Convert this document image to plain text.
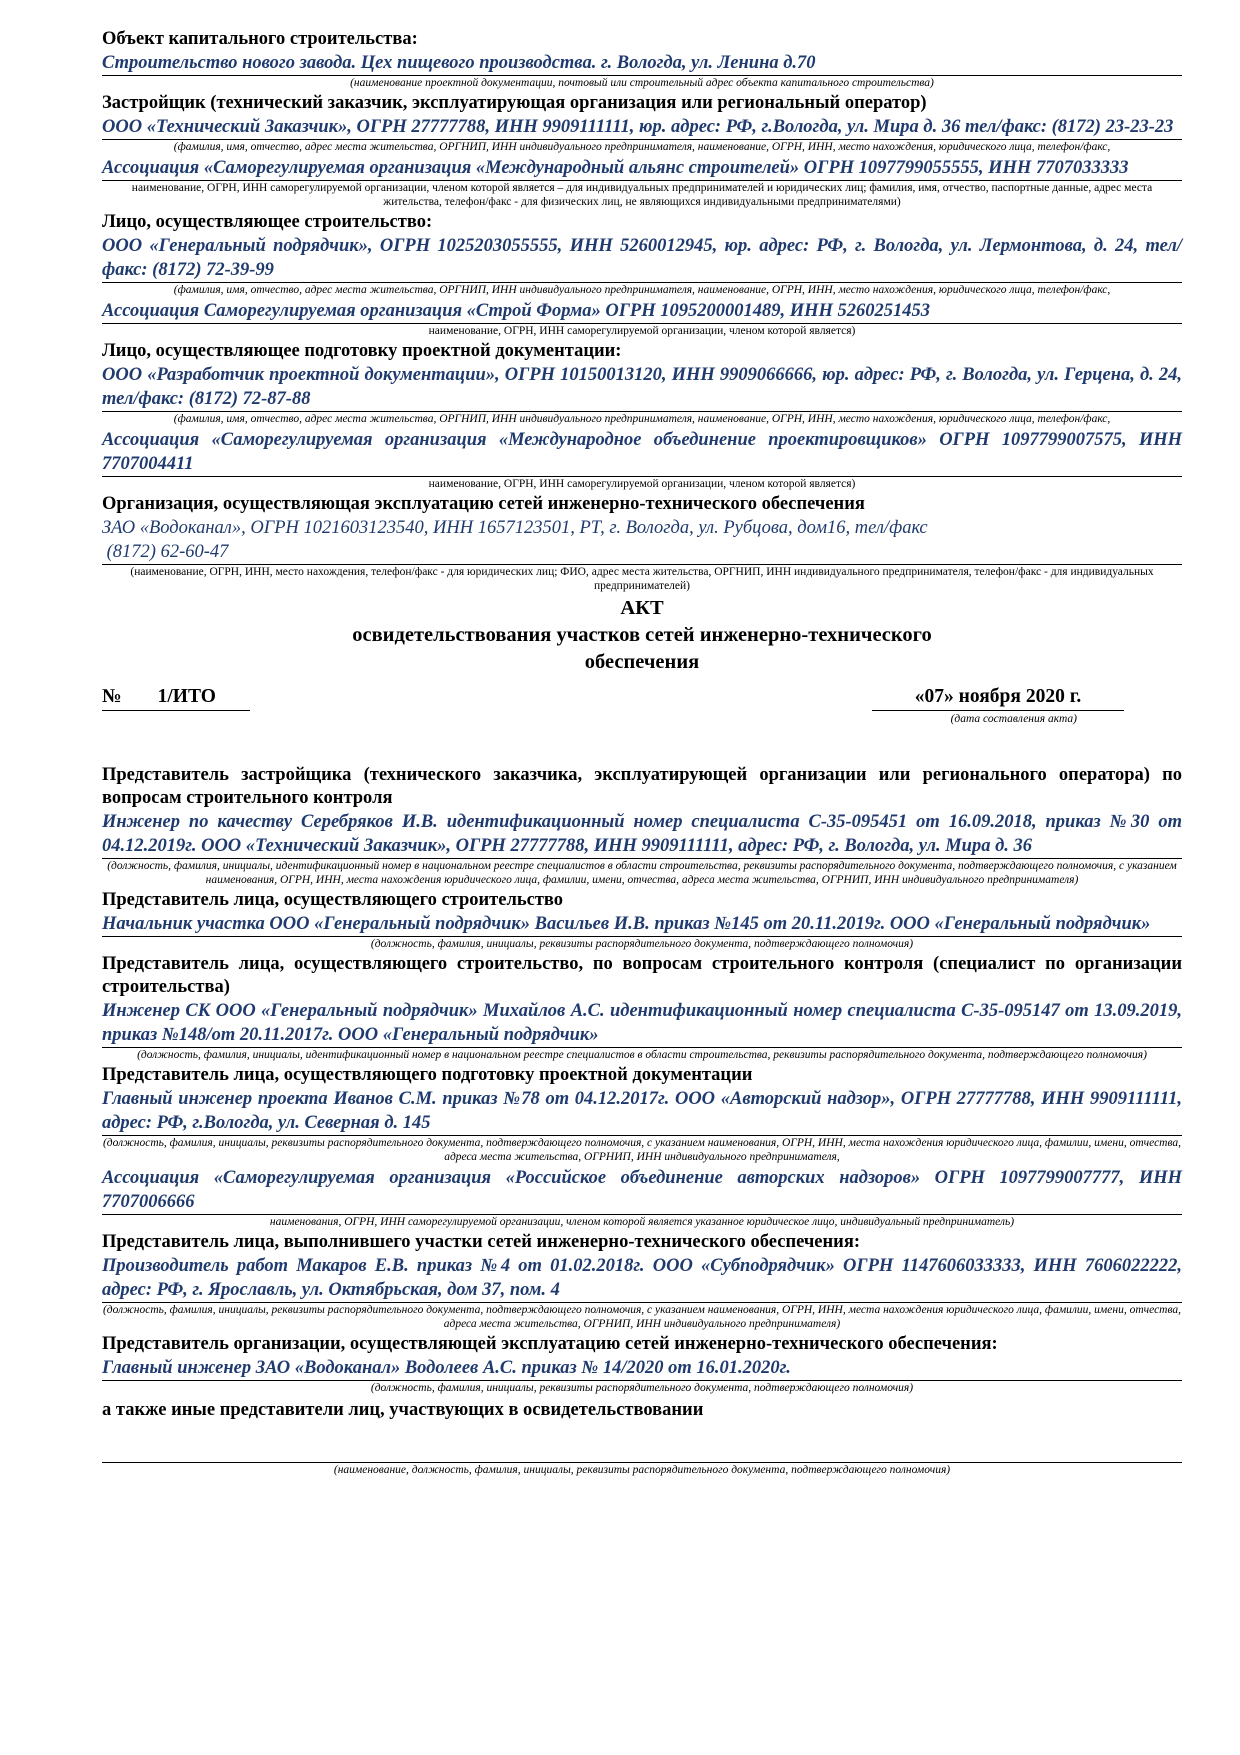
Объект капитального строительства:
Строительство нового завода. Цех пищевого производства. г. Вологда, ул. Ленина д.70
(наименование проектной документации, почтовый или строительный адрес объекта капитального строительства)
Застройщик (технический заказчик, эксплуатирующая организация или региональный оператор)
ООО «Технический Заказчик», ОГРН 27777788, ИНН 9909111111, юр. адрес: РФ, г.Вологда, ул. Мира д. 36 тел/факс: (8172) 23-23-23
(фамилия, имя, отчество, адрес места жительства, ОРГНИП, ИНН индивидуального предпринимателя, наименование, ОГРН, ИНН, место нахождения, юридического лица, телефон/факс,
Ассоциация «Саморегулируемая организация «Международный альянс строителей» ОГРН 1097799055555, ИНН 7707033333
наименование, ОГРН, ИНН саморегулируемой организации, членом которой является – для индивидуальных предпринимателей и юридических лиц; фамилия, имя, отчество, паспортные данные, адрес места жительства, телефон/факс - для физических лиц, не являющихся индивидуальными предпринимателями)
Лицо, осуществляющее строительство:
ООО «Генеральный подрядчик», ОГРН 1025203055555, ИНН 5260012945, юр. адрес: РФ, г. Вологда, ул. Лермонтова, д. 24, тел/факс: (8172) 72-39-99
(фамилия, имя, отчество, адрес места жительства, ОРГНИП, ИНН индивидуального предпринимателя, наименование, ОГРН, ИНН, место нахождения, юридического лица, телефон/факс,
Ассоциация Саморегулируемая организация «Строй Форма» ОГРН 1095200001489, ИНН 5260251453
наименование, ОГРН, ИНН саморегулируемой организации, членом которой является)
Лицо, осуществляющее подготовку проектной документации:
ООО «Разработчик проектной документации», ОГРН 10150013120, ИНН 9909066666, юр. адрес: РФ, г. Вологда, ул. Герцена, д. 24, тел/факс: (8172) 72-87-88
(фамилия, имя, отчество, адрес места жительства, ОРГНИП, ИНН индивидуального предпринимателя, наименование, ОГРН, ИНН, место нахождения, юридического лица, телефон/факс,
Ассоциация «Саморегулируемая организация «Международное объединение проектировщиков» ОГРН 1097799007575, ИНН 7707004411
наименование, ОГРН, ИНН саморегулируемой организации, членом которой является)
Организация, осуществляющая эксплуатацию сетей инженерно-технического обеспечения
ЗАО «Водоканал», ОГРН 1021603123540, ИНН 1657123501, РТ, г. Вологда, ул. Рубцова, дом16, тел/факс
(8172) 62-60-47
(наименование, ОГРН, ИНН, место нахождения, телефон/факс - для юридических лиц; ФИО, адрес места жительства, ОРГНИП, ИНН индивидуального предпринимателя, телефон/факс - для индивидуальных предпринимателей)
АКТ
освидетельствования участков сетей инженерно-технического
обеспечения
№ 1/ИТО	«07» ноября 2020 г.
(дата составления акта)
Представитель застройщика (технического заказчика, эксплуатирующей организации или регионального оператора) по вопросам строительного контроля
Инженер по качеству Серебряков И.В. идентификационный номер специалиста С-35-095451 от 16.09.2018, приказ №30 от 04.12.2019г. ООО «Технический Заказчик», ОГРН 27777788, ИНН 9909111111, адрес: РФ, г. Вологда, ул. Мира д. 36
(должность, фамилия, инициалы, идентификационный номер в национальном реестре специалистов в области строительства, реквизиты распорядительного документа, подтверждающего полномочия, с указанием наименования, ОГРН, ИНН, места нахождения юридического лица, фамилии, имени, отчества, адреса места жительства, ОГРНИП, ИНН индивидуального предпринимателя)
Представитель лица, осуществляющего строительство
Начальник участка ООО «Генеральный подрядчик» Васильев И.В. приказ №145 от 20.11.2019г. ООО «Генеральный подрядчик»
(должность, фамилия, инициалы, реквизиты распорядительного документа, подтверждающего полномочия)
Представитель лица, осуществляющего строительство, по вопросам строительного контроля (специалист по организации строительства)
Инженер СК ООО «Генеральный подрядчик» Михайлов А.С. идентификационный номер специалиста С-35-095147 от 13.09.2019, приказ №148/от 20.11.2017г. ООО «Генеральный подрядчик»
(должность, фамилия, инициалы, идентификационный номер в национальном реестре специалистов в области строительства, реквизиты распорядительного документа, подтверждающего полномочия)
Представитель лица, осуществляющего подготовку проектной документации
Главный инженер проекта Иванов С.М. приказ №78 от 04.12.2017г. ООО «Авторский надзор», ОГРН 27777788, ИНН 9909111111, адрес: РФ, г.Вологда, ул. Северная д. 145
(должность, фамилия, инициалы, реквизиты распорядительного документа, подтверждающего полномочия, с указанием наименования, ОГРН, ИНН, места нахождения юридического лица, фамилии, имени, отчества, адреса места жительства, ОГРНИП, ИНН индивидуального предпринимателя,
Ассоциация «Саморегулируемая организация «Российское объединение авторских надзоров» ОГРН 1097799007777, ИНН 7707006666
наименования, ОГРН, ИНН саморегулируемой организации, членом которой является указанное юридическое лицо, индивидуальный предприниматель)
Представитель лица, выполнившего участки сетей инженерно-технического обеспечения:
Производитель работ Макаров Е.В. приказ №4 от 01.02.2018г. ООО «Субподрядчик» ОГРН 1147606033333, ИНН 7606022222, адрес: РФ, г. Ярославль, ул. Октябрьская, дом 37, пом. 4
(должность, фамилия, инициалы, реквизиты распорядительного документа, подтверждающего полномочия, с указанием наименования, ОГРН, ИНН, места нахождения юридического лица, фамилии, имени, отчества, адреса места жительства, ОГРНИП, ИНН индивидуального предпринимателя)
Представитель организации, осуществляющей эксплуатацию сетей инженерно-технического обеспечения:
Главный инженер ЗАО «Водоканал» Водолеев А.С. приказ № 14/2020 от 16.01.2020г.
(должность, фамилия, инициалы, реквизиты распорядительного документа, подтверждающего полномочия)
а также иные представители лиц, участвующих в освидетельствовании
(наименование, должность, фамилия, инициалы, реквизиты распорядительного документа, подтверждающего полномочия)
